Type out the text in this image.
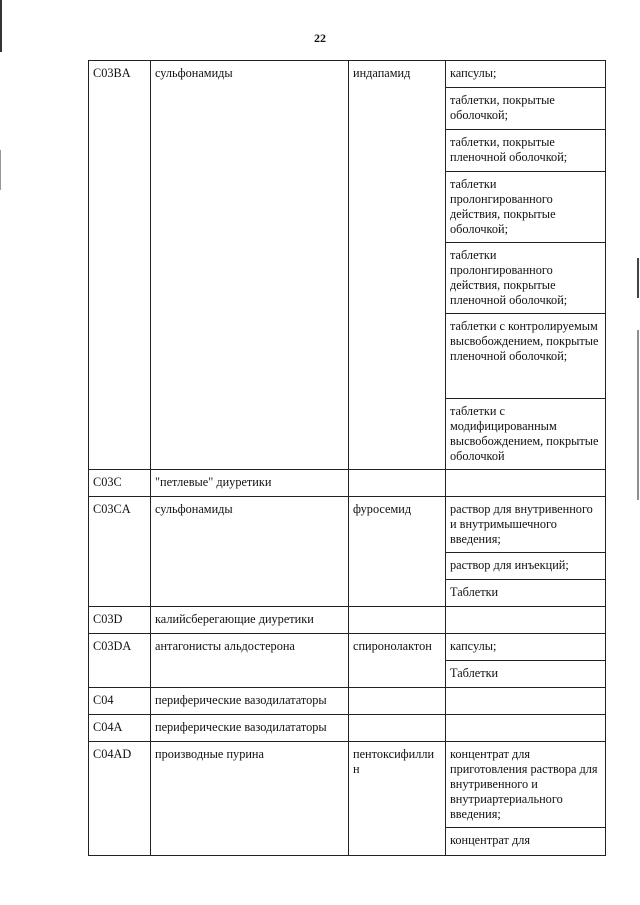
22
C03BA	сульфонамиды	индапамид	капсулы;
			таблетки, покрытые оболочкой;
			таблетки, покрытые пленочной оболочкой;
			таблетки пролонгированного действия, покрытые оболочкой;
			таблетки пролонгированного действия, покрытые пленочной оболочкой;
			таблетки с контролируемым высвобождением, покрытые пленочной оболочкой;
			таблетки с модифицированным высвобождением, покрытые оболочкой
C03C	"петлевые" диуретики		
C03CA	сульфонамиды	фуросемид	раствор для внутривенного и внутримышечного введения;
			раствор для инъекций;
			Таблетки
C03D	калийсберегающие диуретики		
C03DA	антагонисты альдостерона	спиронолактон	капсулы;
			Таблетки
C04	периферические вазодилататоры		
C04A	периферические вазодилататоры		
C04AD	производные пурина	пентоксифилли н	концентрат для приготовления раствора для внутривенного и внутриартериального введения;
			концентрат для
